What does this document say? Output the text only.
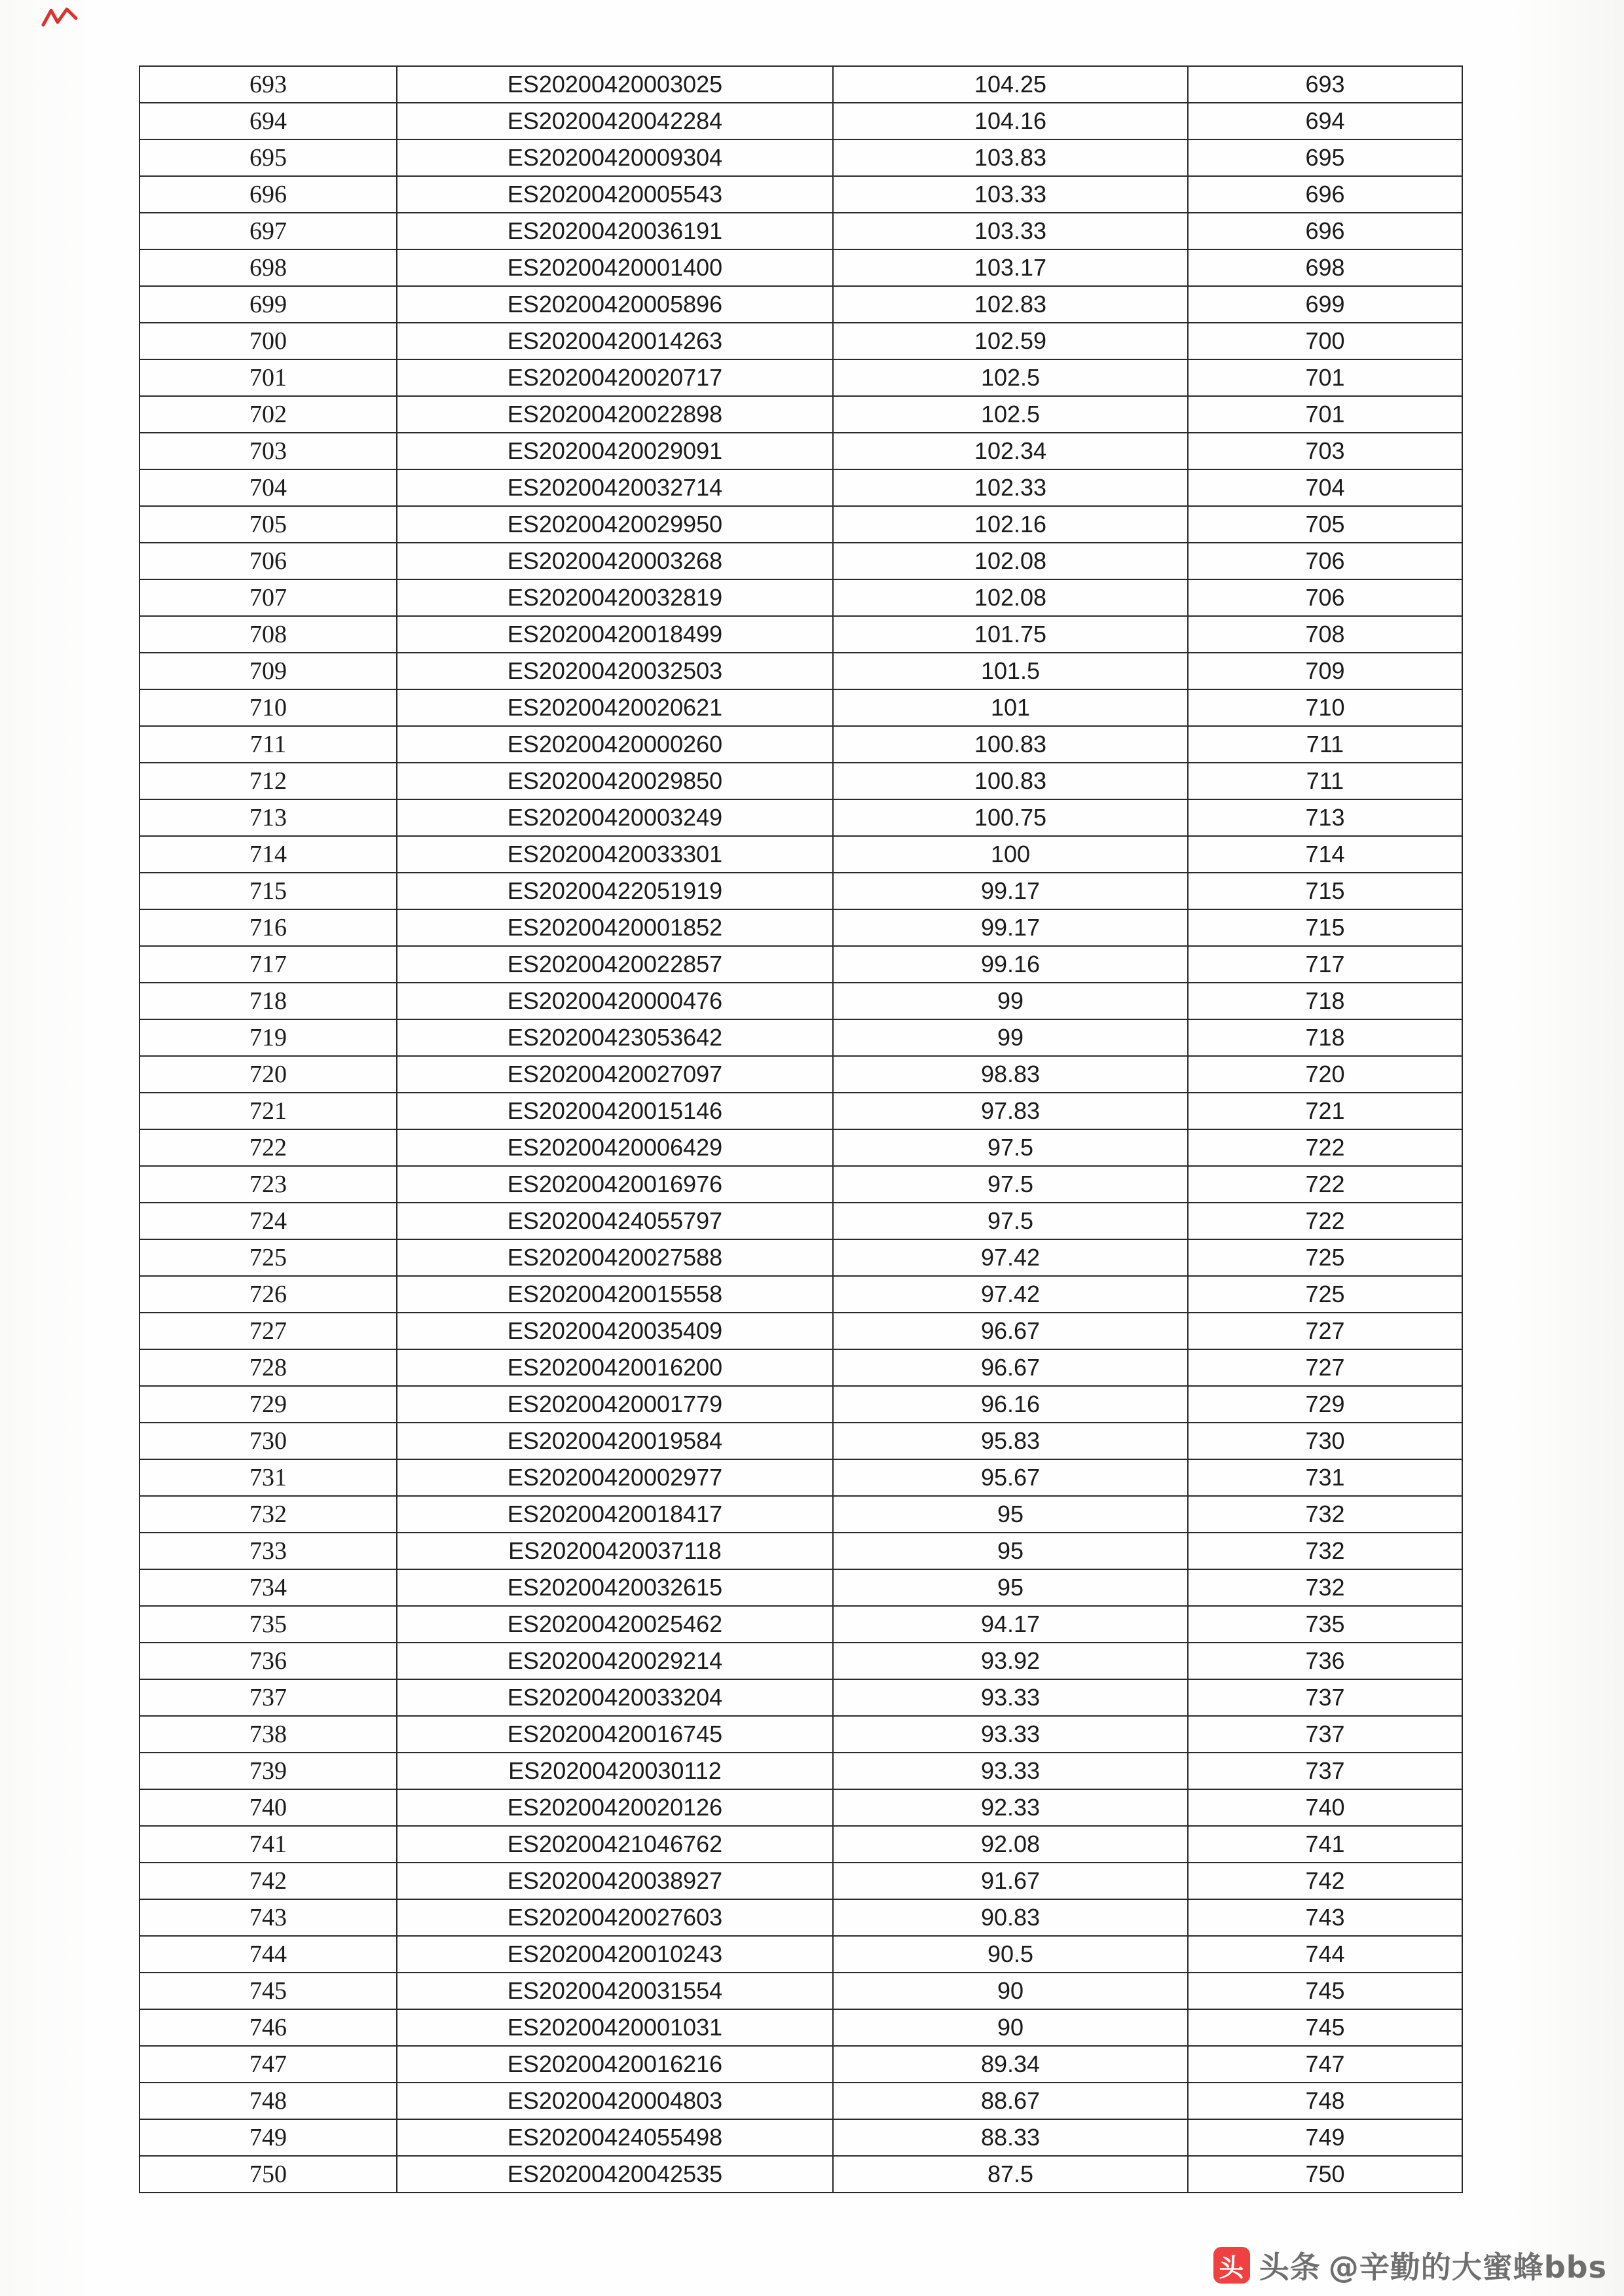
693	ES20200420003025	104.25	693
694	ES20200420042284	104.16	694
695	ES20200420009304	103.83	695
696	ES20200420005543	103.33	696
697	ES20200420036191	103.33	696
698	ES20200420001400	103.17	698
699	ES20200420005896	102.83	699
700	ES20200420014263	102.59	700
701	ES20200420020717	102.5	701
702	ES20200420022898	102.5	701
703	ES20200420029091	102.34	703
704	ES20200420032714	102.33	704
705	ES20200420029950	102.16	705
706	ES20200420003268	102.08	706
707	ES20200420032819	102.08	706
708	ES20200420018499	101.75	708
709	ES20200420032503	101.5	709
710	ES20200420020621	101	710
711	ES20200420000260	100.83	711
712	ES20200420029850	100.83	711
713	ES20200420003249	100.75	713
714	ES20200420033301	100	714
715	ES20200422051919	99.17	715
716	ES20200420001852	99.17	715
717	ES20200420022857	99.16	717
718	ES20200420000476	99	718
719	ES20200423053642	99	718
720	ES20200420027097	98.83	720
721	ES20200420015146	97.83	721
722	ES20200420006429	97.5	722
723	ES20200420016976	97.5	722
724	ES20200424055797	97.5	722
725	ES20200420027588	97.42	725
726	ES20200420015558	97.42	725
727	ES20200420035409	96.67	727
728	ES20200420016200	96.67	727
729	ES20200420001779	96.16	729
730	ES20200420019584	95.83	730
731	ES20200420002977	95.67	731
732	ES20200420018417	95	732
733	ES20200420037118	95	732
734	ES20200420032615	95	732
735	ES20200420025462	94.17	735
736	ES20200420029214	93.92	736
737	ES20200420033204	93.33	737
738	ES20200420016745	93.33	737
739	ES20200420030112	93.33	737
740	ES20200420020126	92.33	740
741	ES20200421046762	92.08	741
742	ES20200420038927	91.67	742
743	ES20200420027603	90.83	743
744	ES20200420010243	90.5	744
745	ES20200420031554	90	745
746	ES20200420001031	90	745
747	ES20200420016216	89.34	747
748	ES20200420004803	88.67	748
749	ES20200424055498	88.33	749
750	ES20200420042535	87.5	750
头 头条 @辛勤的大蜜蜂bbs
